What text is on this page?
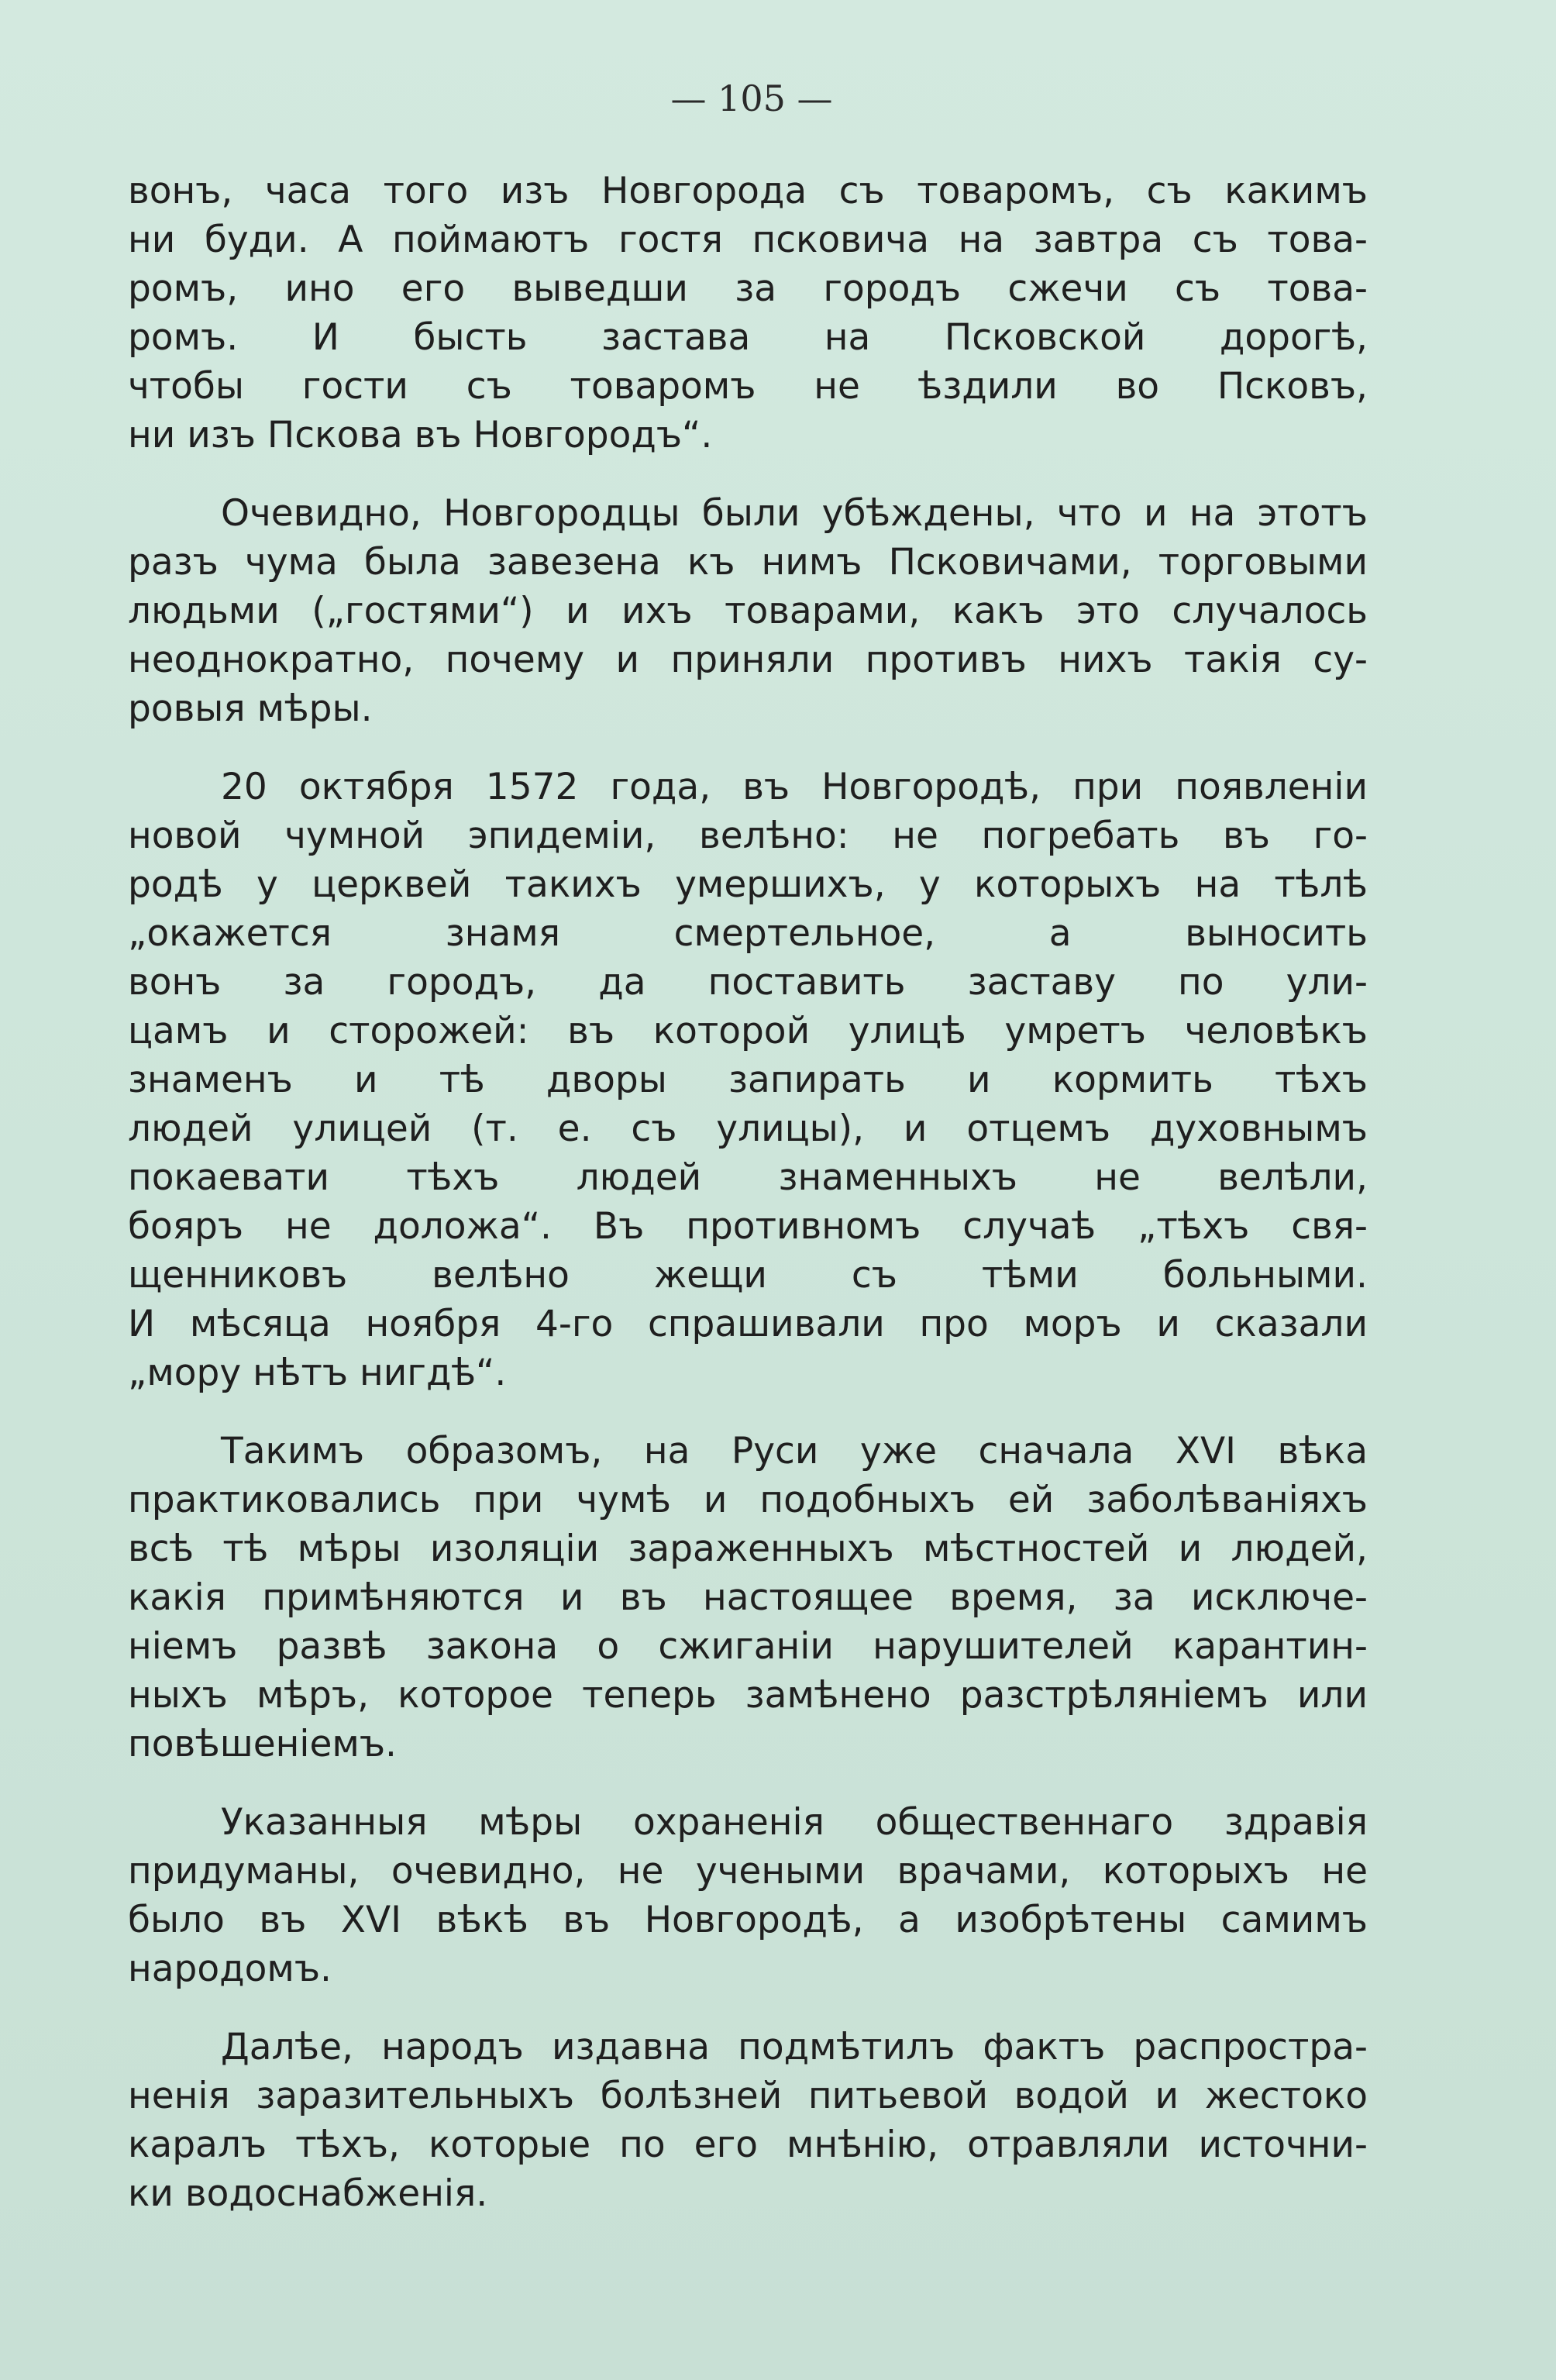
— 105 —
вонъ, часа того изъ Новгорода съ товаромъ, съ какимъ
ни буди. А поймаютъ гостя псковича на завтра съ това-
ромъ, ино его выведши за городъ сжечи съ това-
ромъ. И бысть застава на Псковской дорогѣ,
чтобы гости съ товаромъ не ѣздили во Псковъ,
ни изъ Пскова въ Новгородъ“.
Очевидно, Новгородцы были убѣждены, что и на этотъ
разъ чума была завезена къ нимъ Псковичами, торговыми
людьми („гостями“) и ихъ товарами, какъ это случалось
неоднократно, почему и приняли противъ нихъ такія су-
ровыя мѣры.
20 октября 1572 года, въ Новгородѣ, при появленіи
новой чумной эпидеміи, велѣно: не погребать въ го-
родѣ у церквей такихъ умершихъ, у которыхъ на тѣлѣ
„окажется знамя смертельное, а выносить
вонъ за городъ, да поставить заставу по ули-
цамъ и сторожей: въ которой улицѣ умретъ человѣкъ
знаменъ и тѣ дворы запирать и кормить тѣхъ
людей улицей (т. е. съ улицы), и отцемъ духовнымъ
покаевати тѣхъ людей знаменныхъ не велѣли,
бояръ не доложа“. Въ противномъ случаѣ „тѣхъ свя-
щенниковъ велѣно жещи съ тѣми больными.
И мѣсяца ноября 4-го спрашивали про моръ и сказали
„мору нѣтъ нигдѣ“.
Такимъ образомъ, на Руси уже сначала XVI вѣка
практиковались при чумѣ и подобныхъ ей заболѣваніяхъ
всѣ тѣ мѣры изоляціи зараженныхъ мѣстностей и людей,
какія примѣняются и въ настоящее время, за исключе-
ніемъ развѣ закона о сжиганіи нарушителей карантин-
ныхъ мѣръ, которое теперь замѣнено разстрѣляніемъ или
повѣшеніемъ.
Указанныя мѣры охраненія общественнаго здравія
придуманы, очевидно, не учеными врачами, которыхъ не
было въ XVI вѣкѣ въ Новгородѣ, а изобрѣтены самимъ
народомъ.
Далѣе, народъ издавна подмѣтилъ фактъ распростра-
ненія заразительныхъ болѣзней питьевой водой и жестоко
каралъ тѣхъ, которые по его мнѣнію, отравляли источни-
ки водоснабженія.
